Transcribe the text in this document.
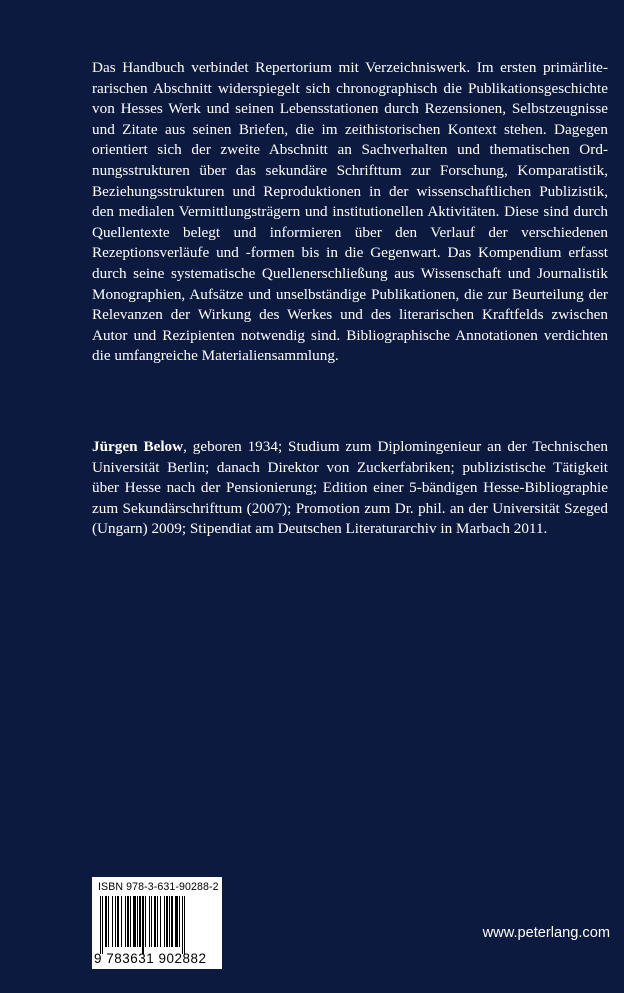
Das Handbuch verbindet Repertorium mit Verzeichniswerk. Im ersten primärliterarischen Abschnitt widerspiegelt sich chronographisch die Publikationsgeschichte von Hesses Werk und seinen Lebensstationen durch Rezensionen, Selbstzeugnisse und Zitate aus seinen Briefen, die im zeithistorischen Kontext stehen. Dagegen orientiert sich der zweite Abschnitt an Sachverhalten und thematischen Ordnungsstrukturen über das sekundäre Schrifttum zur Forschung, Komparatistik, Beziehungsstrukturen und Reproduktionen in der wissenschaftlichen Publizistik, den medialen Vermittlungsträgern und institutionellen Aktivitäten. Diese sind durch Quellentexte belegt und informieren über den Verlauf der verschiedenen Rezeptionsverläufe und -formen bis in die Gegenwart. Das Kompendium erfasst durch seine systematische Quellenerschließung aus Wissenschaft und Journalistik Monographien, Aufsätze und unselbständige Publikationen, die zur Beurteilung der Relevanzen der Wirkung des Werkes und des literarischen Kraftfelds zwischen Autor und Rezipienten notwendig sind. Bibliographische Annotationen verdichten die umfangreiche Materialiensammlung.

Jürgen Below, geboren 1934; Studium zum Diplomingenieur an der Technischen Universität Berlin; danach Direktor von Zuckerfabriken; publizistische Tätigkeit über Hesse nach der Pensionierung; Edition einer 5-bändigen Hesse-Bibliographie zum Sekundärschrifttum (2007); Promotion zum Dr. phil. an der Universität Szeged (Ungarn) 2009; Stipendiat am Deutschen Literaturarchiv in Marbach 2011.

ISBN 978-3-631-90288-2
9 783631 902882
www.peterlang.com
